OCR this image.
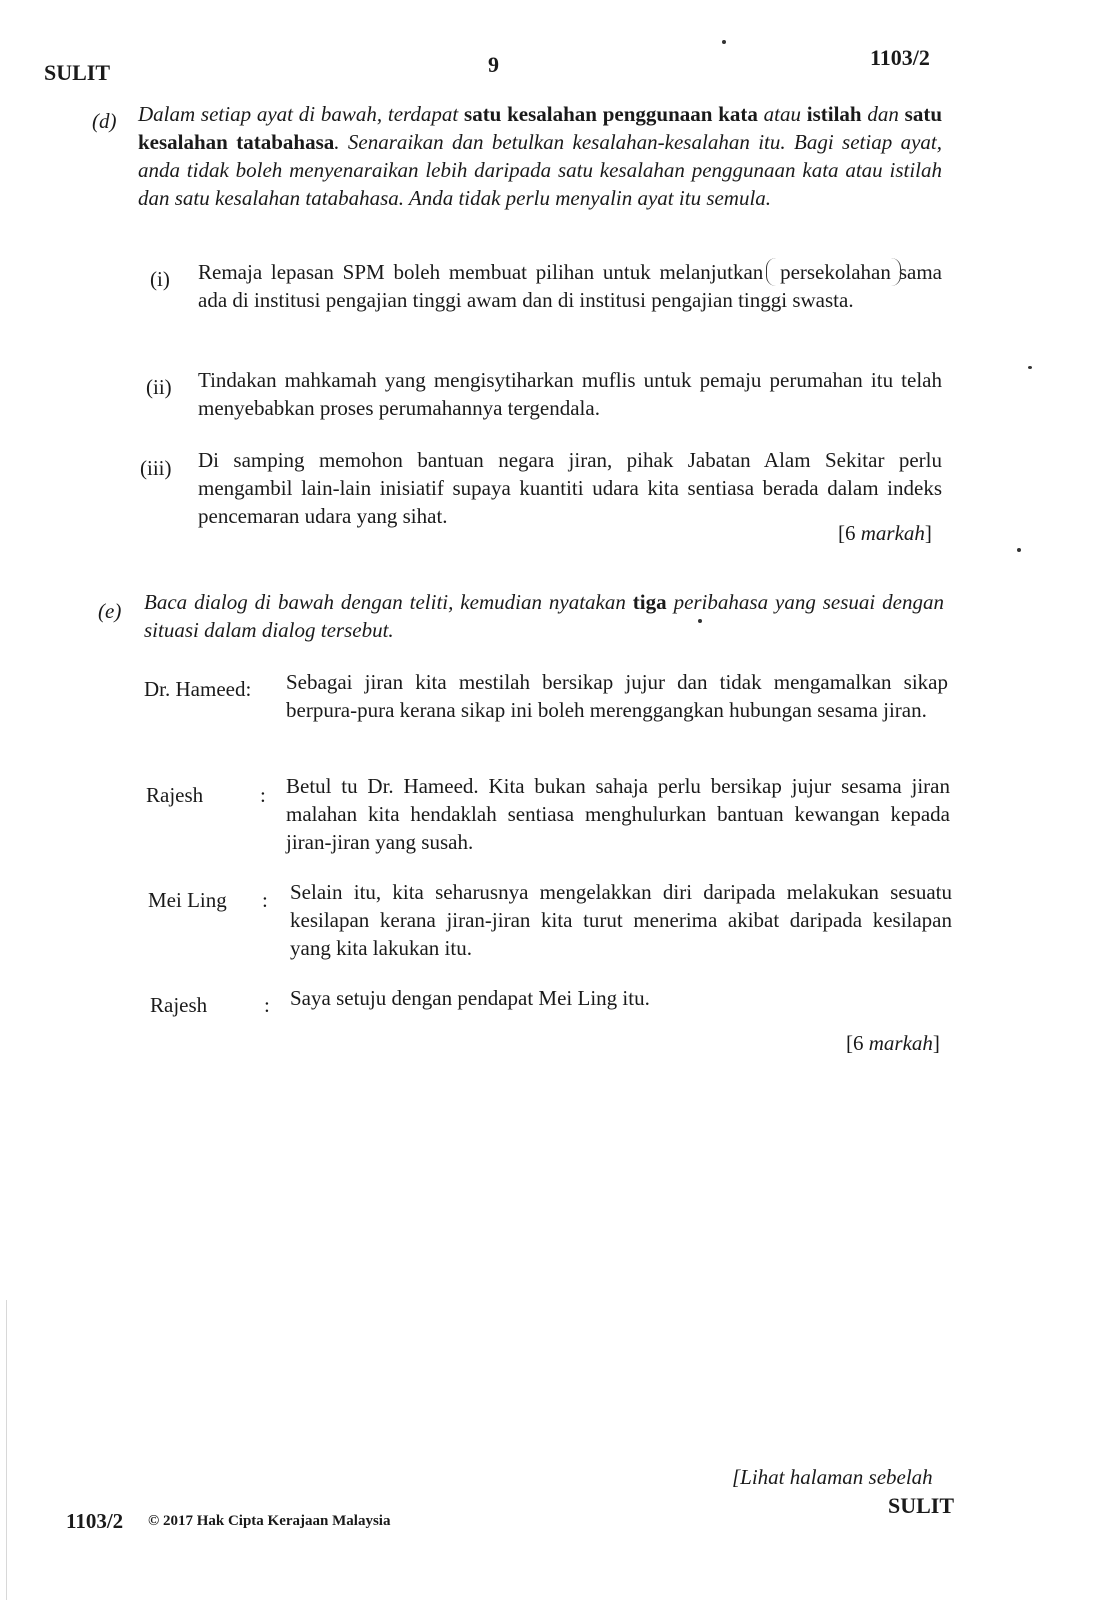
SULIT	9	1103/2
(d) Dalam setiap ayat di bawah, terdapat satu kesalahan penggunaan kata atau istilah dan satu kesalahan tatabahasa. Senaraikan dan betulkan kesalahan-kesalahan itu. Bagi setiap ayat, anda tidak boleh menyenaraikan lebih daripada satu kesalahan penggunaan kata atau istilah dan satu kesalahan tatabahasa. Anda tidak perlu menyalin ayat itu semula.
(i) Remaja lepasan SPM boleh membuat pilihan untuk melanjutkan persekolahan sama ada di institusi pengajian tinggi awam dan di institusi pengajian tinggi swasta.
(ii) Tindakan mahkamah yang mengisytiharkan muflis untuk pemaju perumahan itu telah menyebabkan proses perumahannya tergendala.
(iii) Di samping memohon bantuan negara jiran, pihak Jabatan Alam Sekitar perlu mengambil lain-lain inisiatif supaya kuantiti udara kita sentiasa berada dalam indeks pencemaran udara yang sihat.
[6 markah]
(e) Baca dialog di bawah dengan teliti, kemudian nyatakan tiga peribahasa yang sesuai dengan situasi dalam dialog tersebut.
Dr. Hameed: Sebagai jiran kita mestilah bersikap jujur dan tidak mengamalkan sikap berpura-pura kerana sikap ini boleh merenggangkan hubungan sesama jiran.
Rajesh	: Betul tu Dr. Hameed. Kita bukan sahaja perlu bersikap jujur sesama jiran malahan kita hendaklah sentiasa menghulurkan bantuan kewangan kepada jiran-jiran yang susah.
Mei Ling : Selain itu, kita seharusnya mengelakkan diri daripada melakukan sesuatu kesilapan kerana jiran-jiran kita turut menerima akibat daripada kesilapan yang kita lakukan itu.
Rajesh	: Saya setuju dengan pendapat Mei Ling itu.
[6 markah]
[Lihat halaman sebelah
SULIT
1103/2 © 2017 Hak Cipta Kerajaan Malaysia
